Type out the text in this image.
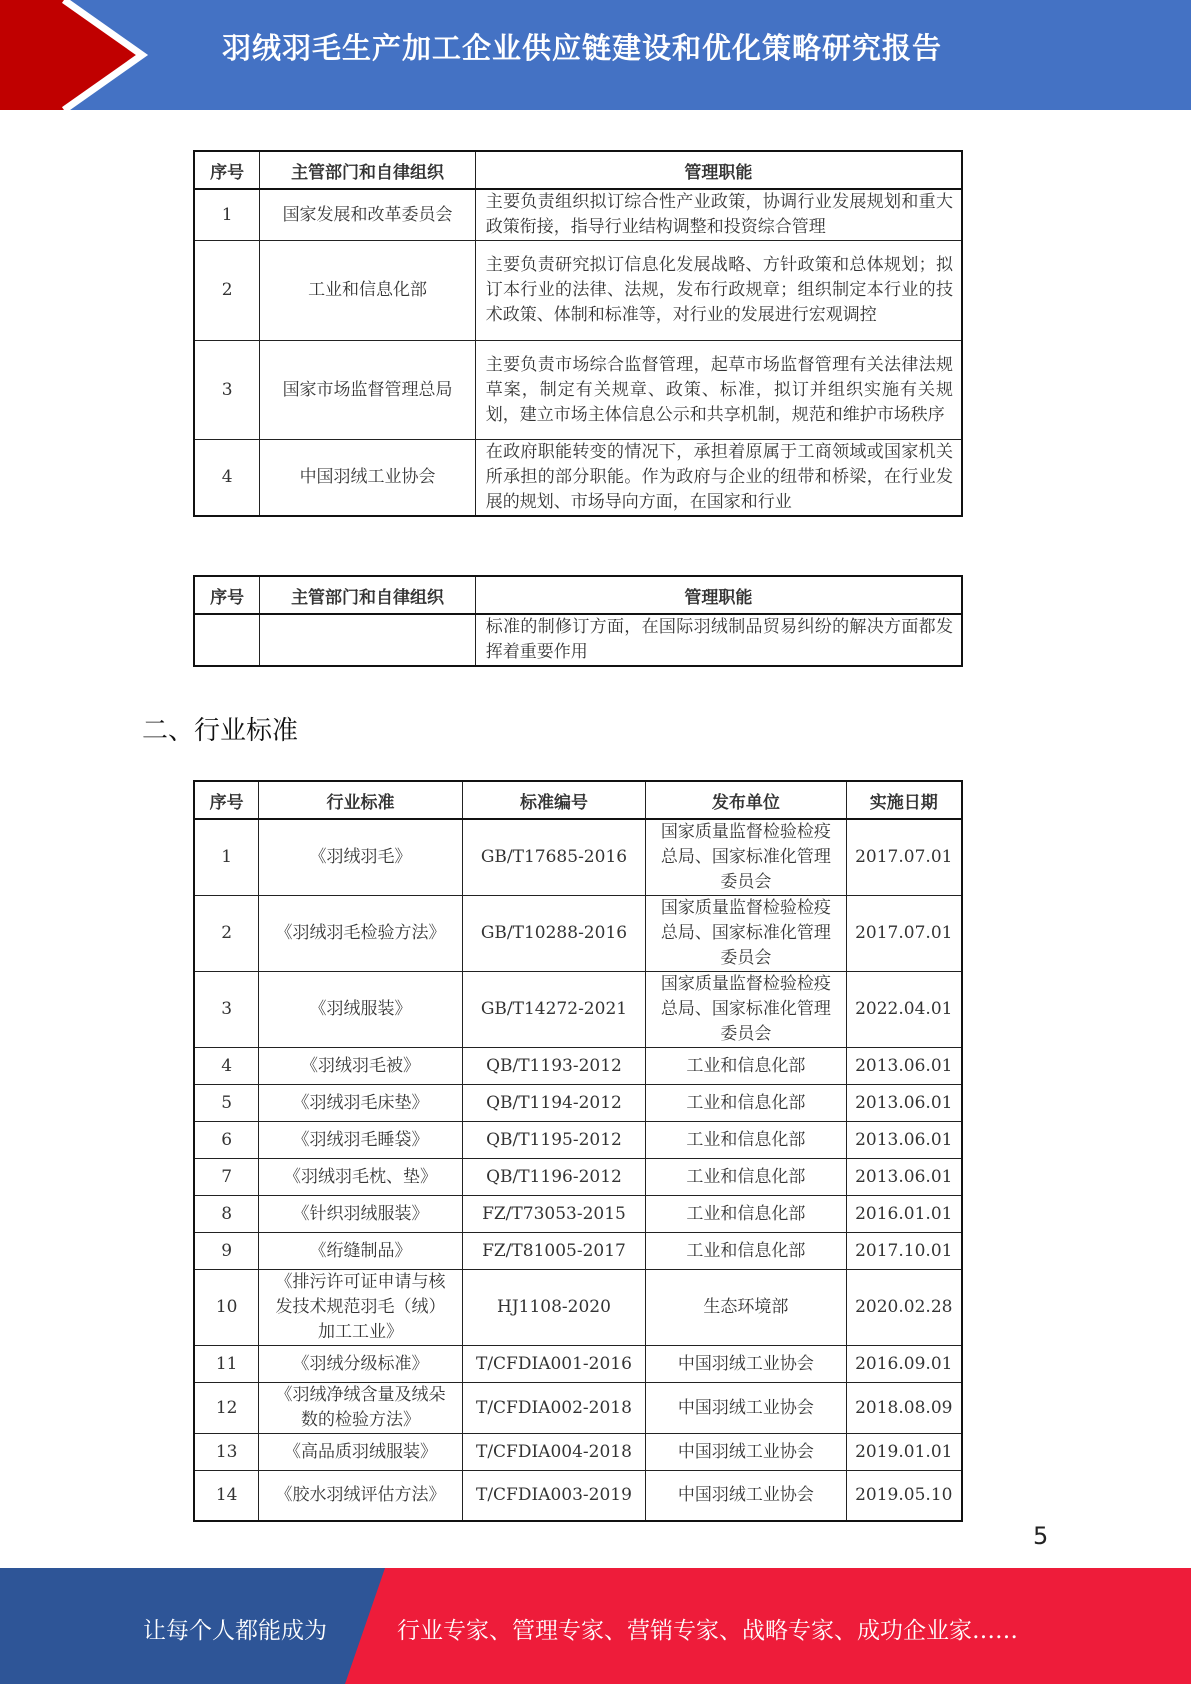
羽绒羽毛生产加工企业供应链建设和优化策略研究报告
序号	主管部门和自律组织	管理职能
1	国家发展和改革委员会	主要负责组织拟订综合性产业政策，协调行业发展规划和重大政策衔接，指导行业结构调整和投资综合管理
2	工业和信息化部	主要负责研究拟订信息化发展战略、方针政策和总体规划；拟订本行业的法律、法规，发布行政规章；组织制定本行业的技术政策、体制和标准等，对行业的发展进行宏观调控
3	国家市场监督管理总局	主要负责市场综合监督管理，起草市场监督管理有关法律法规草案，制定有关规章、政策、标准，拟订并组织实施有关规划，建立市场主体信息公示和共享机制，规范和维护市场秩序
4	中国羽绒工业协会	在政府职能转变的情况下，承担着原属于工商领域或国家机关所承担的部分职能。作为政府与企业的纽带和桥梁，在行业发展的规划、市场导向方面，在国家和行业
序号	主管部门和自律组织	管理职能
		标准的制修订方面，在国际羽绒制品贸易纠纷的解决方面都发挥着重要作用
二、行业标准
序号	行业标准	标准编号	发布单位	实施日期
1	《羽绒羽毛》	GB/T17685-2016	国家质量监督检验检疫总局、国家标准化管理委员会	2017.07.01
2	《羽绒羽毛检验方法》	GB/T10288-2016	国家质量监督检验检疫总局、国家标准化管理委员会	2017.07.01
3	《羽绒服装》	GB/T14272-2021	国家质量监督检验检疫总局、国家标准化管理委员会	2022.04.01
4	《羽绒羽毛被》	QB/T1193-2012	工业和信息化部	2013.06.01
5	《羽绒羽毛床垫》	QB/T1194-2012	工业和信息化部	2013.06.01
6	《羽绒羽毛睡袋》	QB/T1195-2012	工业和信息化部	2013.06.01
7	《羽绒羽毛枕、垫》	QB/T1196-2012	工业和信息化部	2013.06.01
8	《针织羽绒服装》	FZ/T73053-2015	工业和信息化部	2016.01.01
9	《绗缝制品》	FZ/T81005-2017	工业和信息化部	2017.10.01
10	《排污许可证申请与核发技术规范羽毛（绒）加工工业》	HJ1108-2020	生态环境部	2020.02.28
11	《羽绒分级标准》	T/CFDIA001-2016	中国羽绒工业协会	2016.09.01
12	《羽绒净绒含量及绒朵数的检验方法》	T/CFDIA002-2018	中国羽绒工业协会	2018.08.09
13	《高品质羽绒服装》	T/CFDIA004-2018	中国羽绒工业协会	2019.01.01
14	《胶水羽绒评估方法》	T/CFDIA003-2019	中国羽绒工业协会	2019.05.10
5
让每个人都能成为	行业专家、管理专家、营销专家、战略专家、成功企业家……
